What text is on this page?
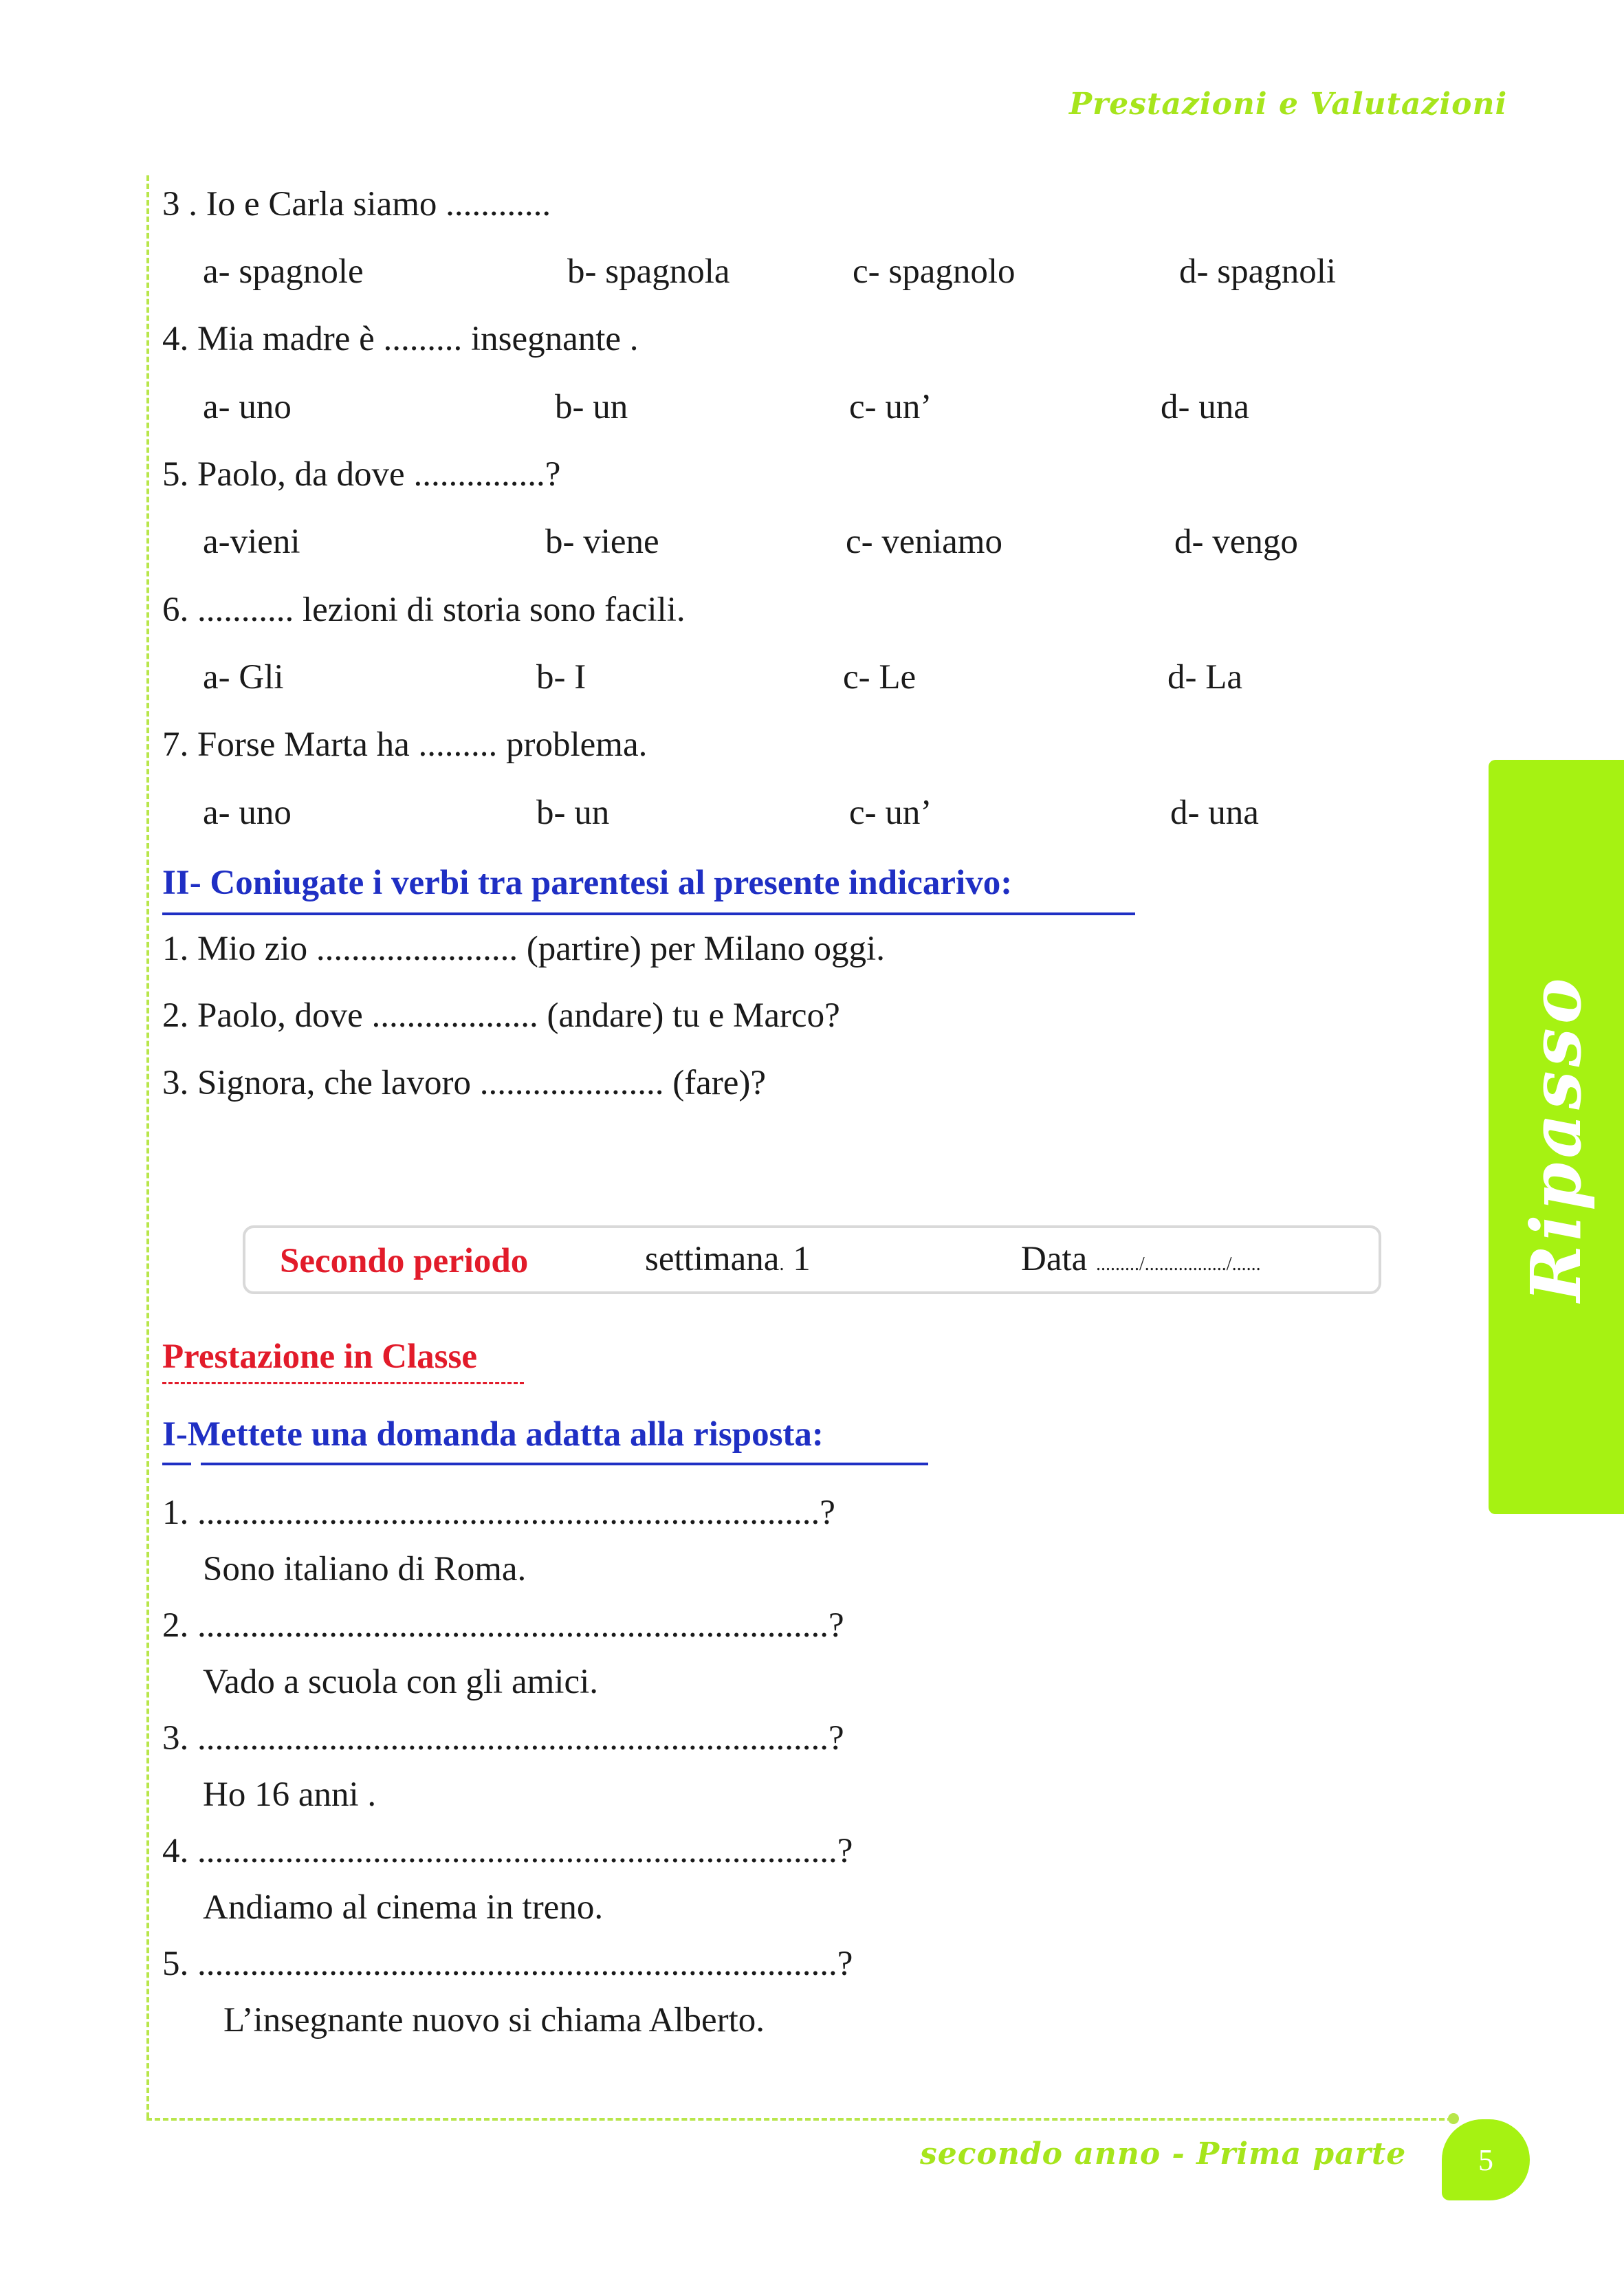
Prestazioni e Valutazioni
Ripasso
3 . Io e Carla siamo ............
a- spagnole	b- spagnola	c- spagnolo	d- spagnoli
4. Mia madre è ......... insegnante .
a- uno	b- un	c- un’	d- una
5. Paolo, da dove ...............?
a-vieni	b- viene	c- veniamo	d- vengo
6. ........... lezioni di storia sono facili.
a- Gli	b- I	c- Le	d- La
7. Forse Marta ha ......... problema.
a- uno	b- un	c- un’	d- una
II- Coniugate i verbi tra parentesi al presente indicarivo:
1. Mio zio ....................... (partire) per Milano oggi.
2. Paolo, dove ................... (andare) tu e Marco?
3. Signora, che lavoro ..................... (fare)?
Secondo periodo	settimana. 1	Data ........./................./......
Prestazione in Classe
I-Mettete una domanda adatta alla risposta:
1. .......................................................................?
Sono italiano di Roma.
2. ........................................................................?
Vado a scuola con gli amici.
3. ........................................................................?
Ho 16 anni .
4. .........................................................................?
Andiamo al cinema in treno.
5. .........................................................................?
L’insegnante nuovo si chiama Alberto.
secondo anno - Prima parte 5
